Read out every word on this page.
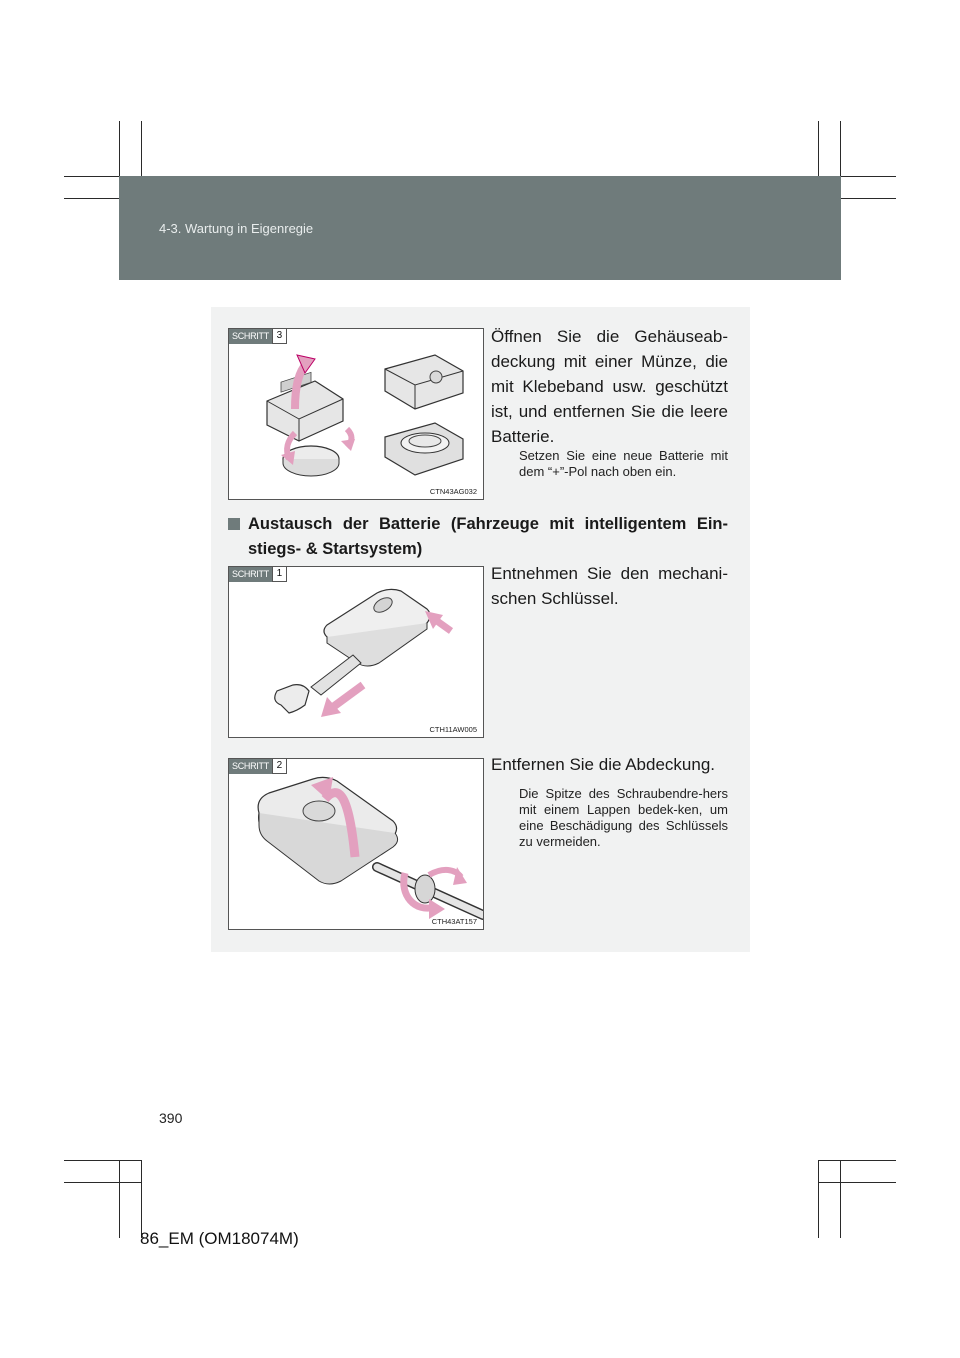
4-3. Wartung in Eigenregie
SCHRITT 3
CTN43AG032
Öffnen Sie die Gehäuseab-deckung mit einer Münze, die mit Klebeband usw. geschützt ist, und entfernen Sie die leere Batterie.
Setzen Sie eine neue Batterie mit dem “+”-Pol nach oben ein.
Austausch der Batterie (Fahrzeuge mit intelligentem Ein-stiegs- & Startsystem)
SCHRITT 1
CTH11AW005
Entnehmen Sie den mechani-schen Schlüssel.
SCHRITT 2
CTH43AT157
Entfernen Sie die Abdeckung.
Die Spitze des Schraubendre-hers mit einem Lappen bedek-ken, um eine Beschädigung des Schlüssels zu vermeiden.
390
86_EM (OM18074M)
